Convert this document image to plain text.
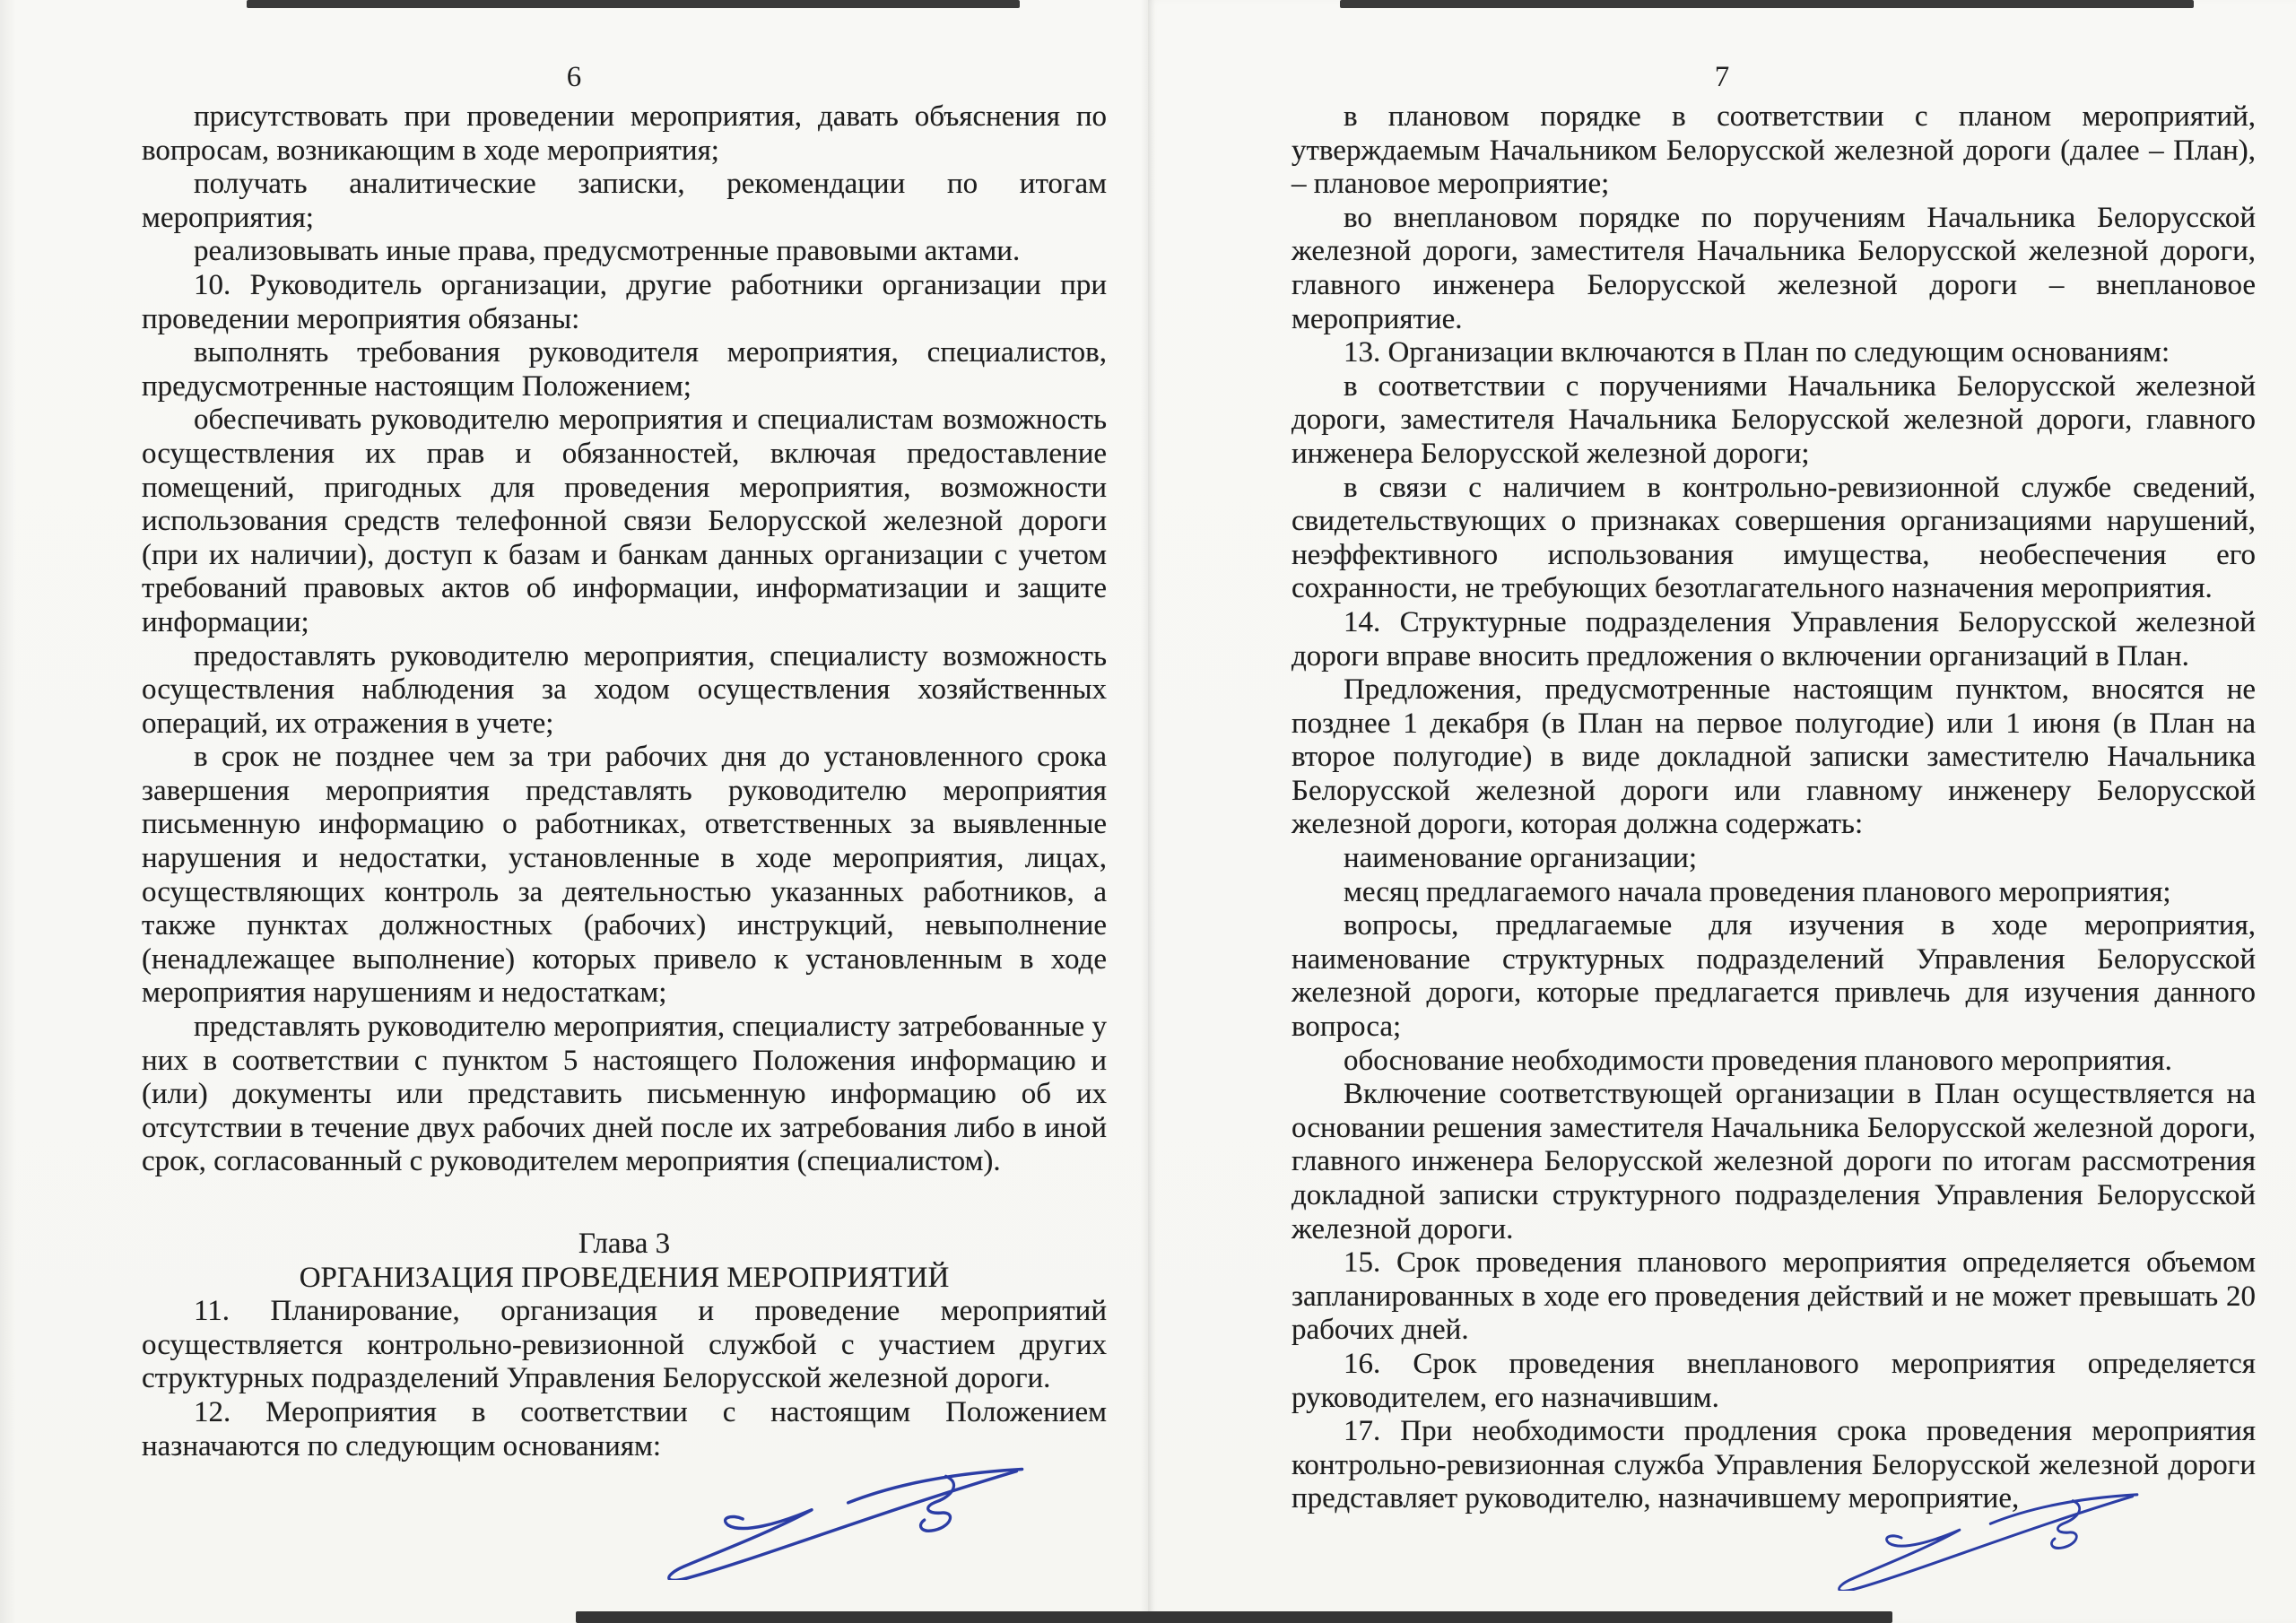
6

присутствовать при проведении мероприятия, давать объяснения по вопросам, возникающим в ходе мероприятия;

получать аналитические записки, рекомендации по итогам мероприятия;

реализовывать иные права, предусмотренные правовыми актами.

10. Руководитель организации, другие работники организации при проведении мероприятия обязаны:

выполнять требования руководителя мероприятия, специалистов, предусмотренные настоящим Положением;

обеспечивать руководителю мероприятия и специалистам возможность осуществления их прав и обязанностей, включая предоставление помещений, пригодных для проведения мероприятия, возможности использования средств телефонной связи Белорусской железной дороги (при их наличии), доступ к базам и банкам данных организации с учетом требований правовых актов об информации, информатизации и защите информации;

предоставлять руководителю мероприятия, специалисту возможность осуществления наблюдения за ходом осуществления хозяйственных операций, их отражения в учете;

в срок не позднее чем за три рабочих дня до установленного срока завершения мероприятия представлять руководителю мероприятия письменную информацию о работниках, ответственных за выявленные нарушения и недостатки, установленные в ходе мероприятия, лицах, осуществляющих контроль за деятельностью указанных работников, а также пунктах должностных (рабочих) инструкций, невыполнение (ненадлежащее выполнение) которых привело к установленным в ходе мероприятия нарушениям и недостаткам;

представлять руководителю мероприятия, специалисту затребованные у них в соответствии с пунктом 5 настоящего Положения информацию и (или) документы или представить письменную информацию об их отсутствии в течение двух рабочих дней после их затребования либо в иной срок, согласованный с руководителем мероприятия (специалистом).

Глава 3

ОРГАНИЗАЦИЯ ПРОВЕДЕНИЯ МЕРОПРИЯТИЙ

11. Планирование, организация и проведение мероприятий осуществляется контрольно-ревизионной службой с участием других структурных подразделений Управления Белорусской железной дороги.

12. Мероприятия в соответствии с настоящим Положением назначаются по следующим основаниям:

7

в плановом порядке в соответствии с планом мероприятий, утверждаемым Начальником Белорусской железной дороги (далее – План), – плановое мероприятие;

во внеплановом порядке по поручениям Начальника Белорусской железной дороги, заместителя Начальника Белорусской железной дороги, главного инженера Белорусской железной дороги – внеплановое мероприятие.

13. Организации включаются в План по следующим основаниям:

в соответствии с поручениями Начальника Белорусской железной дороги, заместителя Начальника Белорусской железной дороги, главного инженера Белорусской железной дороги;

в связи с наличием в контрольно-ревизионной службе сведений, свидетельствующих о признаках совершения организациями нарушений, неэффективного использования имущества, необеспечения его сохранности, не требующих безотлагательного назначения мероприятия.

14. Структурные подразделения Управления Белорусской железной дороги вправе вносить предложения о включении организаций в План.

Предложения, предусмотренные настоящим пунктом, вносятся не позднее 1 декабря (в План на первое полугодие) или 1 июня (в План на второе полугодие) в виде докладной записки заместителю Начальника Белорусской железной дороги или главному инженеру Белорусской железной дороги, которая должна содержать:

наименование организации;

месяц предлагаемого начала проведения планового мероприятия;

вопросы, предлагаемые для изучения в ходе мероприятия, наименование структурных подразделений Управления Белорусской железной дороги, которые предлагается привлечь для изучения данного вопроса;

обоснование необходимости проведения планового мероприятия.

Включение соответствующей организации в План осуществляется на основании решения заместителя Начальника Белорусской железной дороги, главного инженера Белорусской железной дороги по итогам рассмотрения докладной записки структурного подразделения Управления Белорусской железной дороги.

15. Срок проведения планового мероприятия определяется объемом запланированных в ходе его проведения действий и не может превышать 20 рабочих дней.

16. Срок проведения внепланового мероприятия определяется руководителем, его назначившим.

17. При необходимости продления срока проведения мероприятия контрольно-ревизионная служба Управления Белорусской железной дороги представляет руководителю, назначившему мероприятие,
